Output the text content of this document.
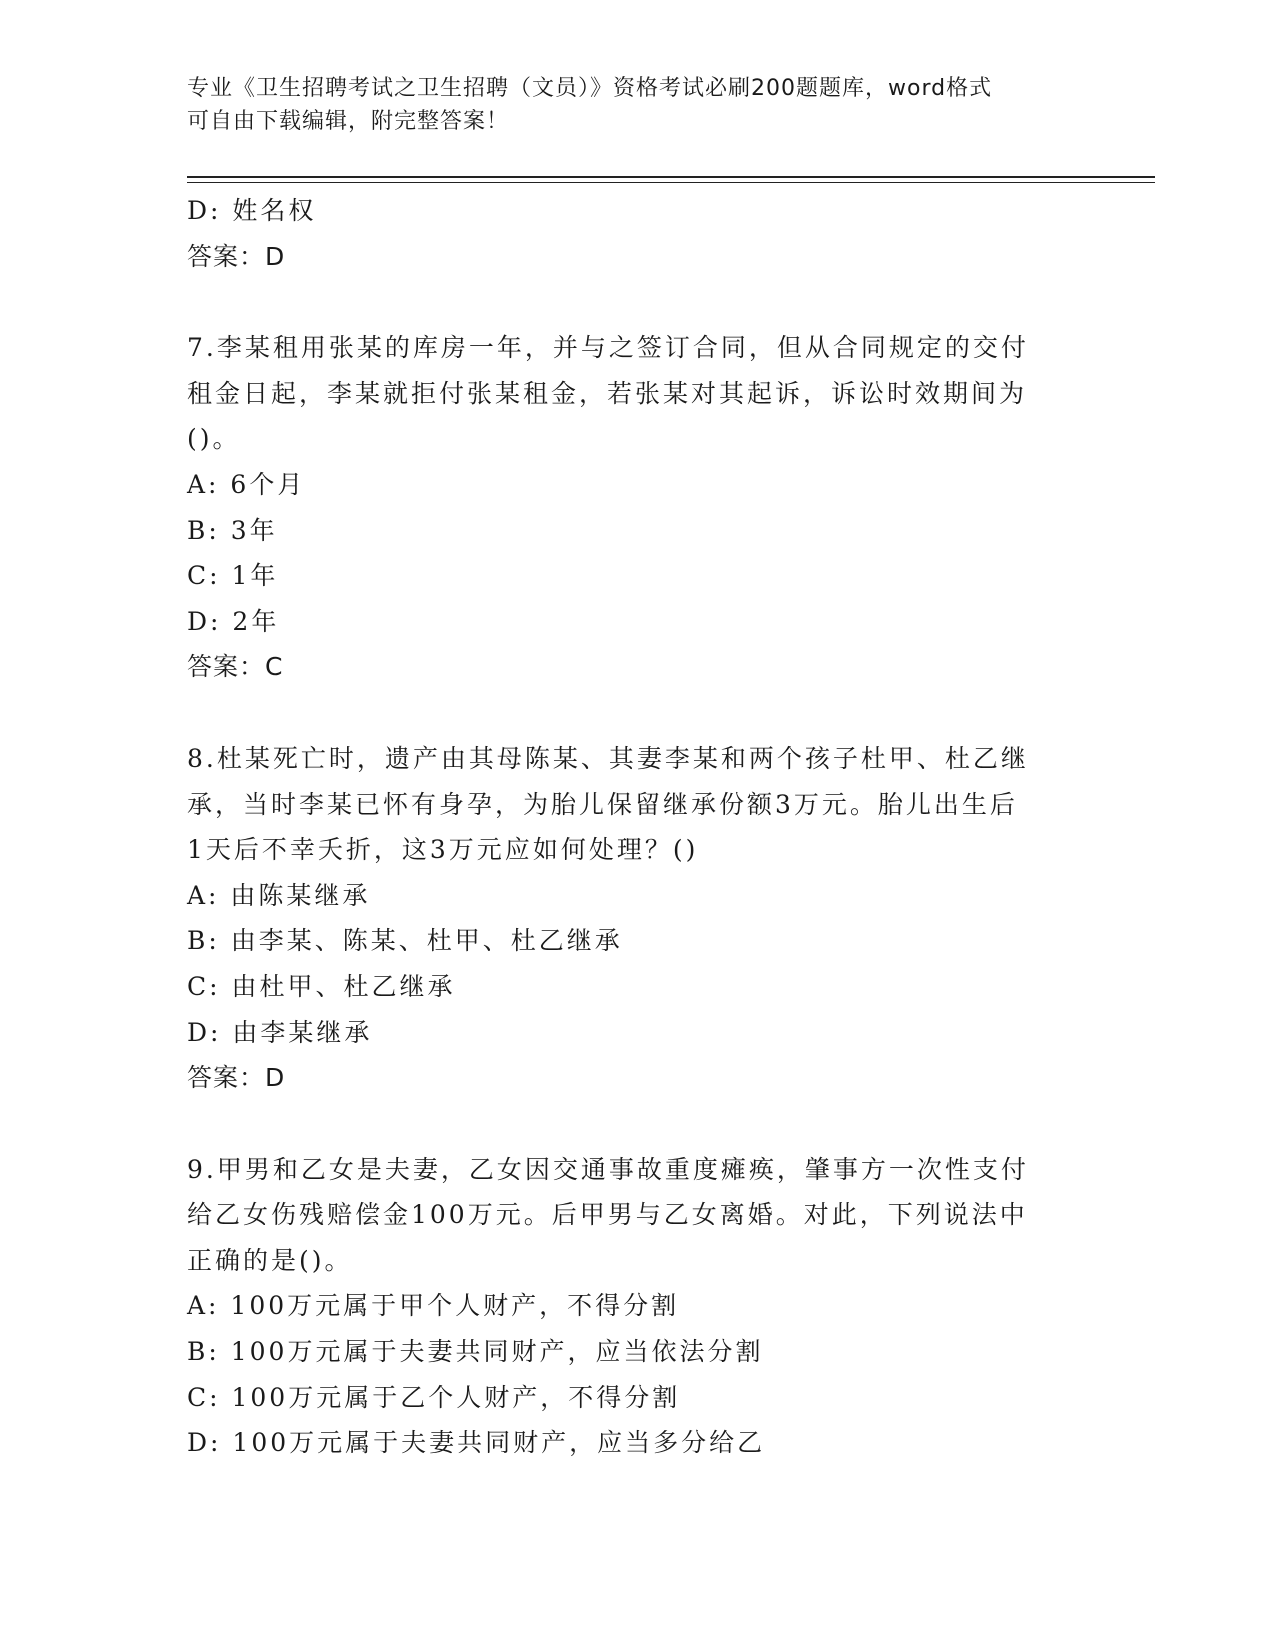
专业《卫生招聘考试之卫生招聘（文员）》资格考试必刷200题题库，word格式
可自由下载编辑，附完整答案！
D: 姓名权
答案：D
7.李某租用张某的库房一年，并与之签订合同，但从合同规定的交付
租金日起，李某就拒付张某租金，若张某对其起诉，诉讼时效期间为
()。
A: 6个月
B: 3年
C: 1年
D: 2年
答案：C
8.杜某死亡时，遗产由其母陈某、其妻李某和两个孩子杜甲、杜乙继
承，当时李某已怀有身孕，为胎儿保留继承份额3万元。胎儿出生后
1天后不幸夭折，这3万元应如何处理？()
A: 由陈某继承
B: 由李某、陈某、杜甲、杜乙继承
C: 由杜甲、杜乙继承
D: 由李某继承
答案：D
9.甲男和乙女是夫妻，乙女因交通事故重度瘫痪，肇事方一次性支付
给乙女伤残赔偿金100万元。后甲男与乙女离婚。对此，下列说法中
正确的是()。
A: 100万元属于甲个人财产，不得分割
B: 100万元属于夫妻共同财产，应当依法分割
C: 100万元属于乙个人财产，不得分割
D: 100万元属于夫妻共同财产，应当多分给乙
